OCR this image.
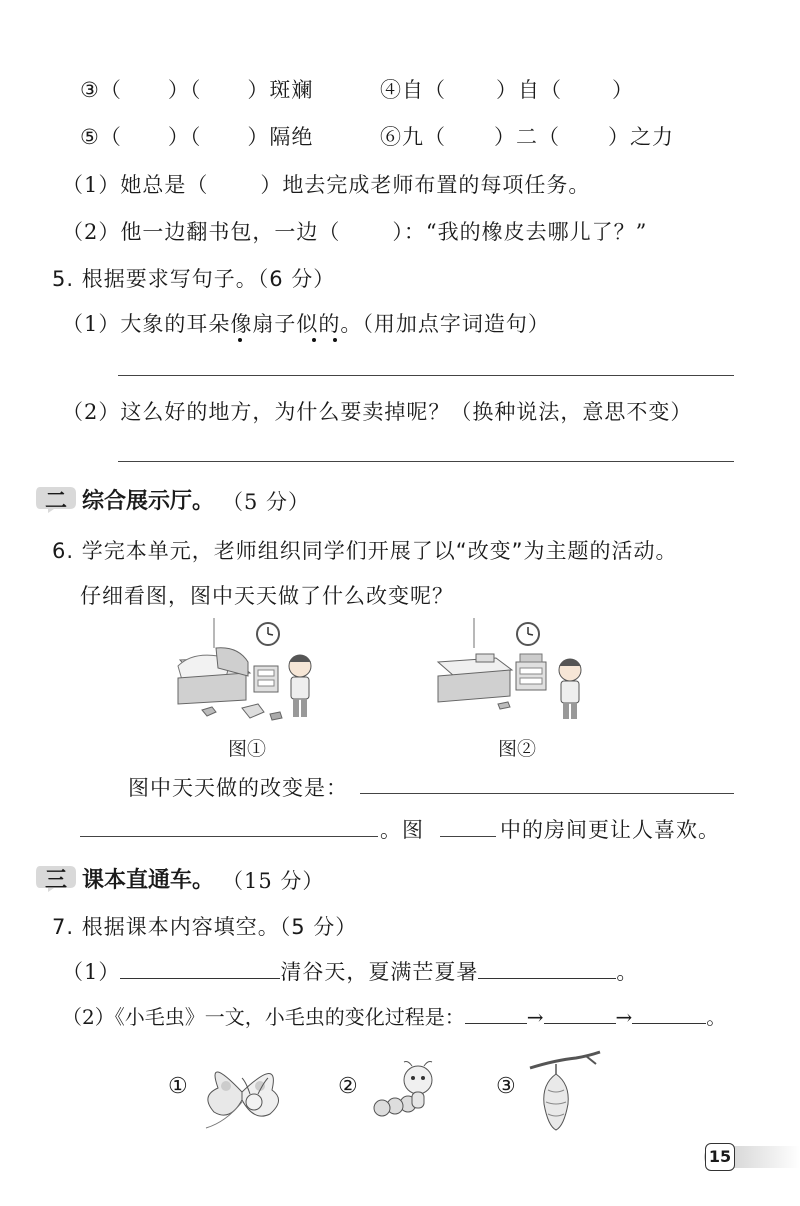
③（ ）（ ）斑斓	④自（ ）自（ ）
⑤（ ）（ ）隔绝	⑥九（ ）二（ ）之力
（1）她总是（ ）地去完成老师布置的每项任务。
（2）他一边翻书包，一边（ ）：“我的橡皮去哪儿了？”
5. 根据要求写句子。（6 分）
（1）大象的耳朵像扇子似的。（用加点字词造句）
（2）这么好的地方，为什么要卖掉呢？（换种说法，意思不变）
二 综合展示厅。 （5 分）
6. 学完本单元，老师组织同学们开展了以“改变”为主题的活动。
仔细看图，图中天天做了什么改变呢？
图①	图②
图中天天做的改变是：
。图	中的房间更让人喜欢。
三 课本直通车。 （15 分）
7. 根据课本内容填空。（5 分）
（1）	清谷天，夏满芒夏暑	。
（2）《小毛虫》一文，小毛虫的变化过程是：	→	→	。
①	②	③
15
